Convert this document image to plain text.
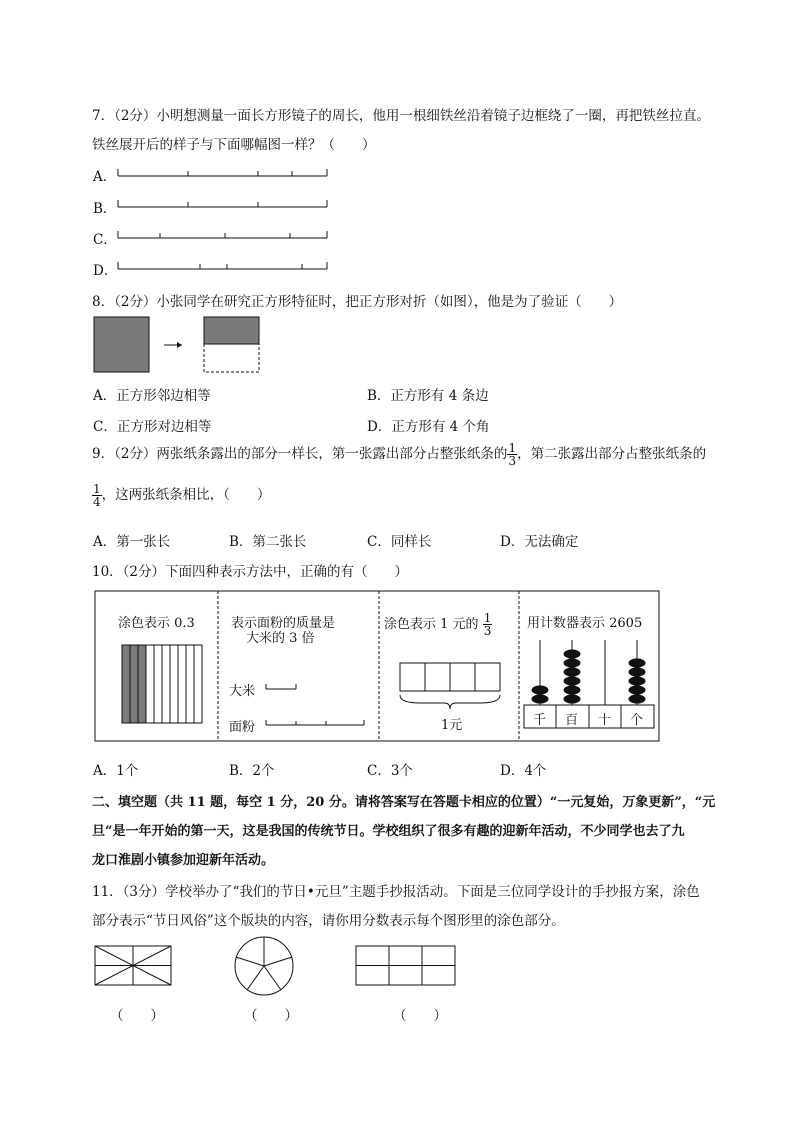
7．（2分）小明想测量一面长方形镜子的周长，他用一根细铁丝沿着镜子边框绕了一圈，再把铁丝拉直。
铁丝展开后的样子与下面哪幅图一样？（　　）
A．
B．
C．
D．
8．（2分）小张同学在研究正方形特征时，把正方形对折（如图），他是为了验证（　　）
A．正方形邻边相等	B．正方形有 4 条边
C．正方形对边相等	D．正方形有 4 个角
9．（2分）两张纸条露出的部分一样长，第一张露出部分占整张纸条的 $\frac{1}{3}$ ，第二张露出部分占整张纸条的
$\frac{1}{4}$ ，这两张纸条相比，（　　）
A．第一张长	B．第二张长	C．同样长	D．无法确定
10．（2分）下面四种表示方法中，正确的有（　　）
涂色表示 0.3	表示面粉的质量是
大米的 3 倍
大米
面粉
涂色表示 1 元的 $\frac{1}{3}$
1元
用计数器表示 2605
千 百 十 个
A．1个	B．2个	C．3个	D．4个
二、填空题（共 11 题，每空 1 分，20 分。请将答案写在答题卡相应的位置）“一元复始，万象更新”，“元
旦”是一年开始的第一天，这是我国的传统节日。学校组织了很多有趣的迎新年活动，不少同学也去了九
龙口淮剧小镇参加迎新年活动。
11．（3分）学校举办了“我们的节日•元旦”主题手抄报活动。下面是三位同学设计的手抄报方案，涂色
部分表示“节日风俗”这个版块的内容，请你用分数表示每个图形里的涂色部分。
（　　）	（　　）	（　　）
